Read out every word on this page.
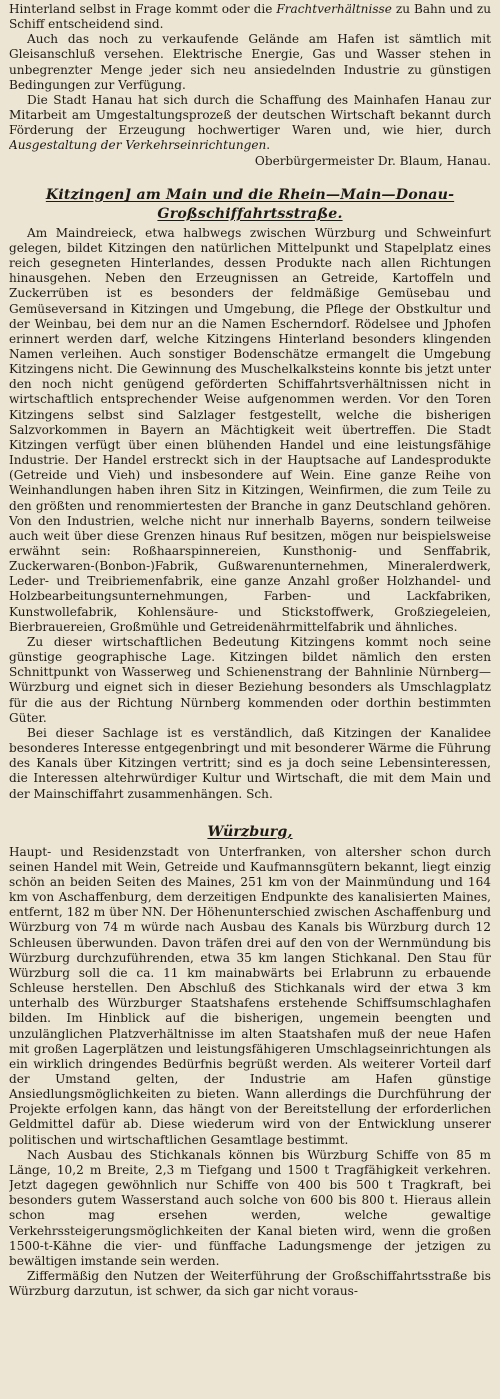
Hinterland selbst in Frage kommt oder die Frachtverhältnisse zu Bahn und zu Schiff entscheidend sind.

Auch das noch zu verkaufende Gelände am Hafen ist sämtlich mit Gleisanschluß versehen. Elektrische Energie, Gas und Wasser stehen in unbegrenzter Menge jeder sich neu ansiedelnden Industrie zu günstigen Bedingungen zur Verfügung.

Die Stadt Hanau hat sich durch die Schaffung des Mainhafen Hanau zur Mitarbeit am Umgestaltungsprozeß der deutschen Wirtschaft bekannt durch Förderung der Erzeugung hochwertiger Waren und, wie hier, durch Ausgestaltung der Verkehrseinrichtungen.

Oberbürgermeister Dr. Blaum, Hanau.

Kitzingen] am Main und die Rhein—Main—Donau-
Großschiffahrtsstraße.

Am Maindreieck, etwa halbwegs zwischen Würzburg und Schweinfurt gelegen, bildet Kitzingen den natürlichen Mittelpunkt und Stapelplatz eines reich gesegneten Hinterlandes, dessen Produkte nach allen Richtungen hinausgehen. Neben den Erzeugnissen an Getreide, Kartoffeln und Zuckerrüben ist es besonders der feldmäßige Gemüsebau und Gemüseversand in Kitzingen und Umgebung, die Pflege der Obstkultur und der Weinbau, bei dem nur an die Namen Escherndorf. Rödelsee und Jphofen erinnert werden darf, welche Kitzingens Hinterland besonders klingenden Namen verleihen. Auch sonstiger Bodenschätze ermangelt die Umgebung Kitzingens nicht. Die Gewinnung des Muschelkalksteins konnte bis jetzt unter den noch nicht genügend geförderten Schiffahrtsverhältnissen nicht in wirtschaftlich entsprechender Weise aufgenommen werden. Vor den Toren Kitzingens selbst sind Salzlager festgestellt, welche die bisherigen Salzvorkommen in Bayern an Mächtigkeit weit übertreffen. Die Stadt Kitzingen verfügt über einen blühenden Handel und eine leistungsfähige Industrie. Der Handel erstreckt sich in der Hauptsache auf Landesprodukte (Getreide und Vieh) und insbesondere auf Wein. Eine ganze Reihe von Weinhandlungen haben ihren Sitz in Kitzingen, Weinfirmen, die zum Teile zu den größten und renommiertesten der Branche in ganz Deutschland gehören. Von den Industrien, welche nicht nur innerhalb Bayerns, sondern teilweise auch weit über diese Grenzen hinaus Ruf besitzen, mögen nur beispielsweise erwähnt sein: Roßhaarspinnereien, Kunsthonig- und Senffabrik, Zuckerwaren-(Bonbon-)Fabrik, Gußwarenunternehmen, Mineralerdwerk, Leder- und Treibriemenfabrik, eine ganze Anzahl großer Holzhandel- und Holzbearbeitungsunternehmungen, Farben- und Lackfabriken, Kunstwollefabrik, Kohlensäure- und Stickstoffwerk, Großziegeleien, Bierbrauereien, Großmühle und Getreidenährmittelfabrik und ähnliches.

Zu dieser wirtschaftlichen Bedeutung Kitzingens kommt noch seine günstige geographische Lage. Kitzingen bildet nämlich den ersten Schnittpunkt von Wasserweg und Schienenstrang der Bahnlinie Nürnberg—Würzburg und eignet sich in dieser Beziehung besonders als Umschlagplatz für die aus der Richtung Nürnberg kommenden oder dorthin bestimmten Güter.

Bei dieser Sachlage ist es verständlich, daß Kitzingen der Kanalidee besonderes Interesse entgegenbringt und mit besonderer Wärme die Führung des Kanals über Kitzingen vertritt; sind es ja doch seine Lebensinteressen, die Interessen altehrwürdiger Kultur und Wirtschaft, die mit dem Main und der Mainschiffahrt zusammenhängen. Sch.

Würzburg,

Haupt- und Residenzstadt von Unterfranken, von altersher schon durch seinen Handel mit Wein, Getreide und Kaufmannsgütern bekannt, liegt einzig schön an beiden Seiten des Maines, 251 km von der Mainmündung und 164 km von Aschaffenburg, dem derzeitigen Endpunkte des kanalisierten Maines, entfernt, 182 m über NN. Der Höhenunterschied zwischen Aschaffenburg und Würzburg von 74 m würde nach Ausbau des Kanals bis Würzburg durch 12 Schleusen überwunden. Davon träfen drei auf den von der Wernmündung bis Würzburg durchzuführenden, etwa 35 km langen Stichkanal. Den Stau für Würzburg soll die ca. 11 km mainabwärts bei Erlabrunn zu erbauende Schleuse herstellen. Den Abschluß des Stichkanals wird der etwa 3 km unterhalb des Würzburger Staatshafens erstehende Schiffsumschlaghafen bilden. Im Hinblick auf die bisherigen, ungemein beengten und unzulänglichen Platzverhältnisse im alten Staatshafen muß der neue Hafen mit großen Lagerplätzen und leistungsfähigeren Umschlagseinrichtungen als ein wirklich dringendes Bedürfnis begrüßt werden. Als weiterer Vorteil darf der Umstand gelten, der Industrie am Hafen günstige Ansiedlungsmöglichkeiten zu bieten. Wann allerdings die Durchführung der Projekte erfolgen kann, das hängt von der Bereitstellung der erforderlichen Geldmittel dafür ab. Diese wiederum wird von der Entwicklung unserer politischen und wirtschaftlichen Gesamtlage bestimmt.

Nach Ausbau des Stichkanals können bis Würzburg Schiffe von 85 m Länge, 10,2 m Breite, 2,3 m Tiefgang und 1500 t Tragfähigkeit verkehren. Jetzt dagegen gewöhnlich nur Schiffe von 400 bis 500 t Tragkraft, bei besonders gutem Wasserstand auch solche von 600 bis 800 t. Hieraus allein schon mag ersehen werden, welche gewaltige Verkehrssteigerungsmöglichkeiten der Kanal bieten wird, wenn die großen 1500-t-Kähne die vier- und fünffache Ladungsmenge der jetzigen zu bewältigen imstande sein werden.

Ziffermäßig den Nutzen der Weiterführung der Großschiffahrtsstraße bis Würzburg darzutun, ist schwer, da sich gar nicht voraus-
